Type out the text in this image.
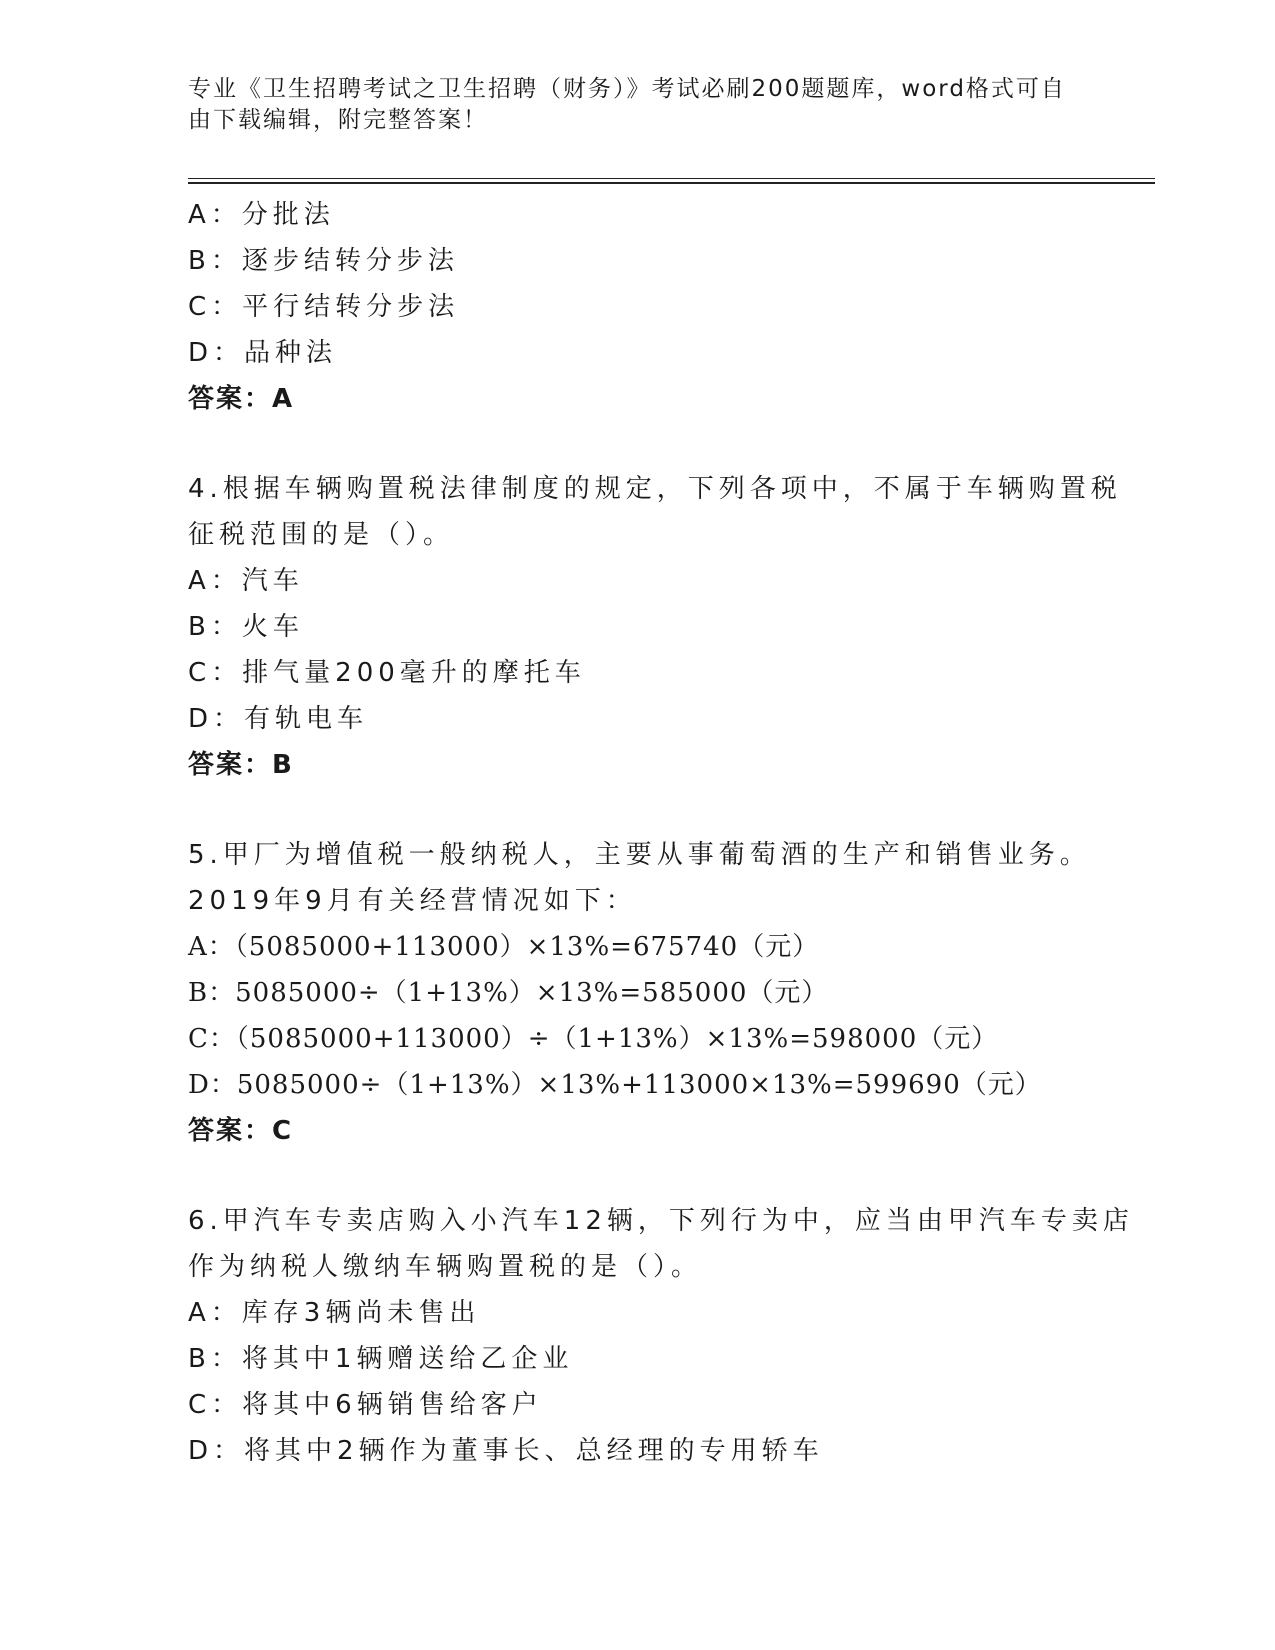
专业《卫生招聘考试之卫生招聘（财务）》考试必刷200题题库，word格式可自
由下载编辑，附完整答案！
A：分批法
B：逐步结转分步法
C：平行结转分步法
D：品种法
答案：A
4.根据车辆购置税法律制度的规定，下列各项中，不属于车辆购置税
征税范围的是（）。
A：汽车
B：火车
C：排气量200毫升的摩托车
D：有轨电车
答案：B
5.甲厂为增值税一般纳税人，主要从事葡萄酒的生产和销售业务。
2019年9月有关经营情况如下：
A：（5085000+113000）×13%=675740（元）
B：5085000÷（1+13%）×13%=585000（元）
C：（5085000+113000）÷（1+13%）×13%=598000（元）
D：5085000÷（1+13%）×13%+113000×13%=599690（元）
答案：C
6.甲汽车专卖店购入小汽车12辆，下列行为中，应当由甲汽车专卖店
作为纳税人缴纳车辆购置税的是（）。
A：库存3辆尚未售出
B：将其中1辆赠送给乙企业
C：将其中6辆销售给客户
D：将其中2辆作为董事长、总经理的专用轿车
